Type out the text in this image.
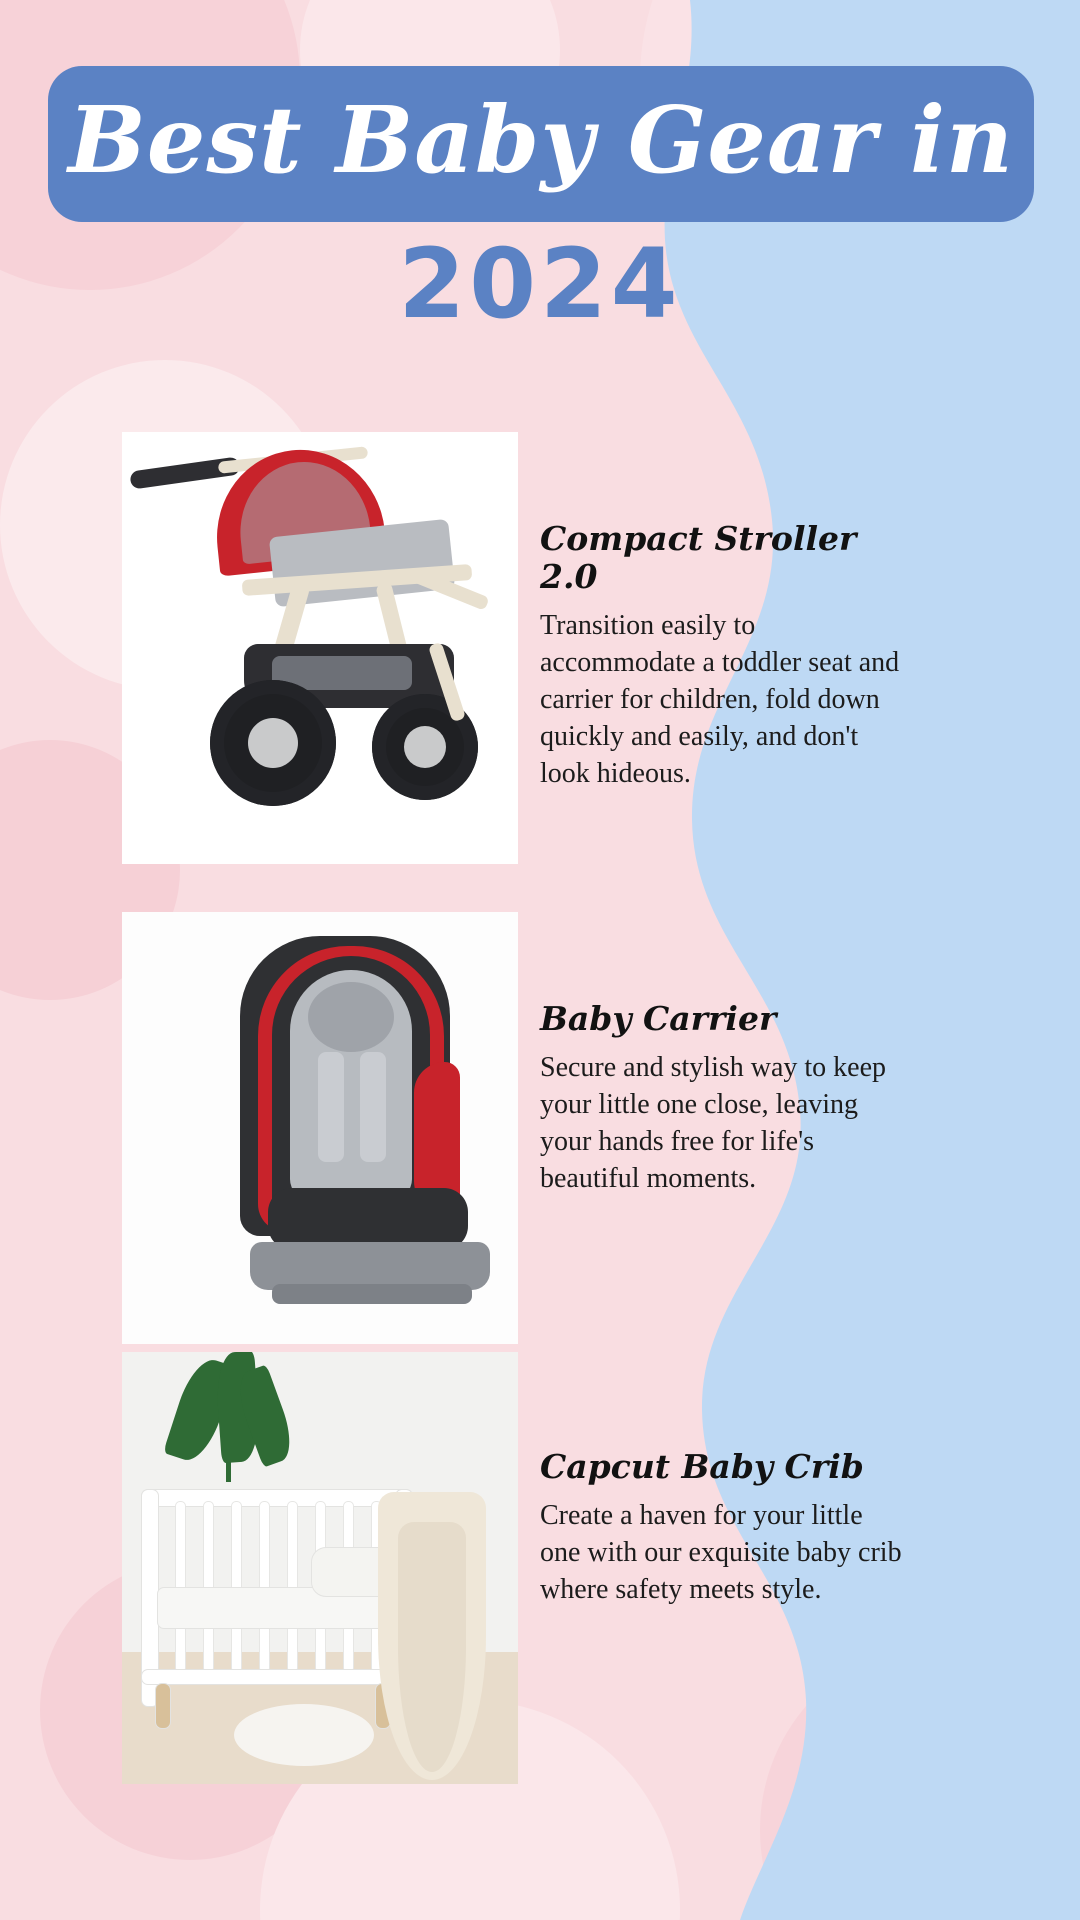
Best Baby Gear in
2024

Compact Stroller 2.0

Transition easily to accommodate a toddler seat and carrier for children, fold down quickly and easily, and don't look hideous.

Baby Carrier

Secure and stylish way to keep your little one close, leaving your hands free for life's beautiful moments.

Capcut Baby Crib

Create a haven for your little one with our exquisite baby crib where safety meets style.
